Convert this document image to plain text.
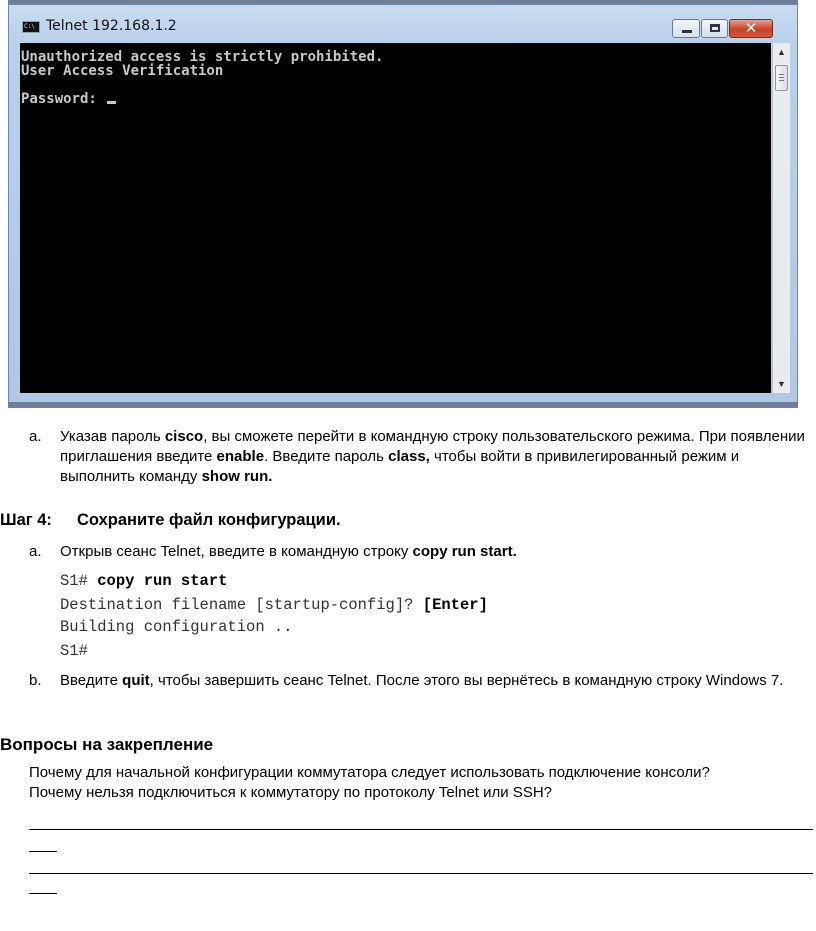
C:\ Telnet 192.168.1.2	✕
Unauthorized access is strictly prohibited.
User Access Verification
Password:
▲
▼
a. Указав пароль cisco, вы сможете перейти в командную строку пользовательского режима. При появлении приглашения введите enable. Введите пароль class, чтобы войти в привилегированный режим и выполнить команду show run.
Шаг 4: Сохраните файл конфигурации.
a. Открыв сеанс Telnet, введите в командную строку copy run start.
S1# copy run start
Destination filename [startup-config]? [Enter]
Building configuration ..
S1#
b. Введите quit, чтобы завершить сеанс Telnet. После этого вы вернётесь в командную строку Windows 7.
Вопросы на закрепление
Почему для начальной конфигурации коммутатора следует использовать подключение консоли?
Почему нельзя подключиться к коммутатору по протоколу Telnet или SSH?
